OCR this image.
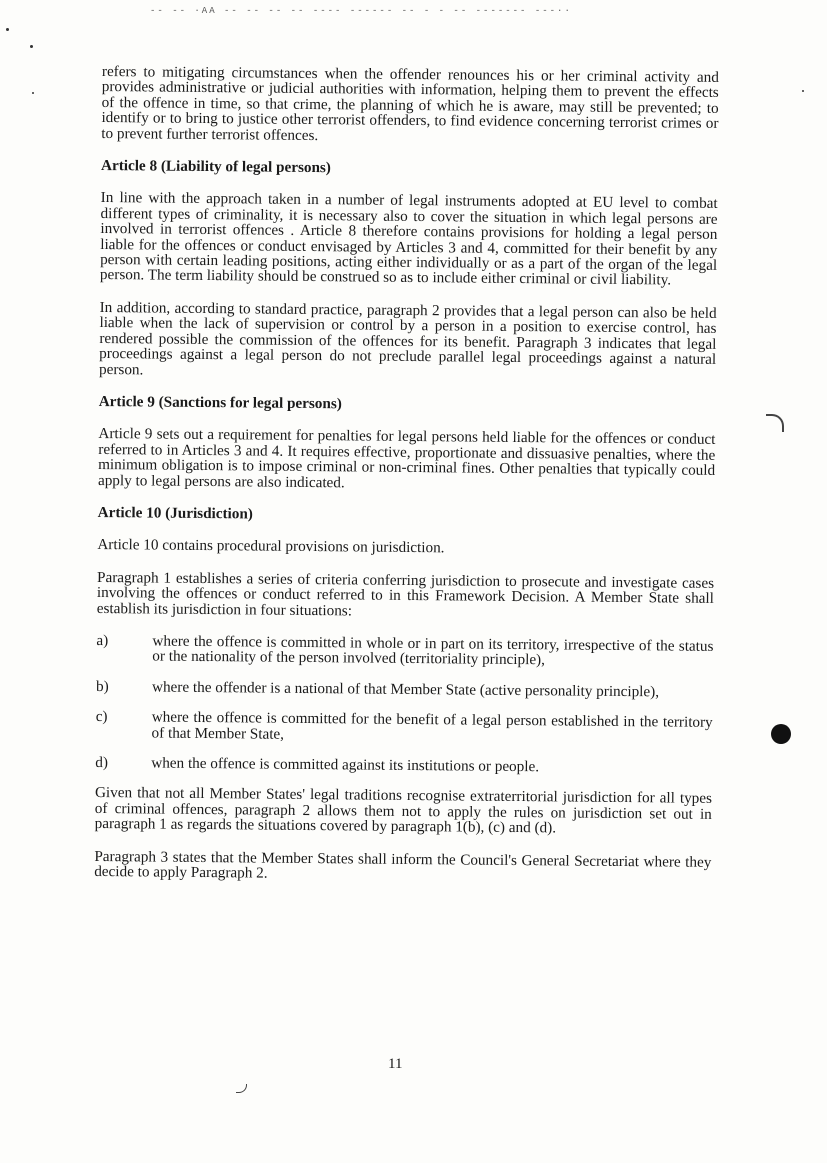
-- -- ·AA -- -- -- -- ---- ------ -- - - -- ------- ---··

refers to mitigating circumstances when the offender renounces his or her criminal activity and provides administrative or judicial authorities with information, helping them to prevent the effects of the offence in time, so that crime, the planning of which he is aware, may still be prevented; to identify or to bring to justice other terrorist offenders, to find evidence concerning terrorist crimes or to prevent further terrorist offences.

Article 8 (Liability of legal persons)

In line with the approach taken in a number of legal instruments adopted at EU level to combat different types of criminality, it is necessary also to cover the situation in which legal persons are involved in terrorist offences . Article 8 therefore contains provisions for holding a legal person liable for the offences or conduct envisaged by Articles 3 and 4, committed for their benefit by any person with certain leading positions, acting either individually or as a part of the organ of the legal person. The term liability should be construed so as to include either criminal or civil liability.

In addition, according to standard practice, paragraph 2 provides that a legal person can also be held liable when the lack of supervision or control by a person in a position to exercise control, has rendered possible the commission of the offences for its benefit. Paragraph 3 indicates that legal proceedings against a legal person do not preclude parallel legal proceedings against a natural person.

Article 9 (Sanctions for legal persons)

Article 9 sets out a requirement for penalties for legal persons held liable for the offences or conduct referred to in Articles 3 and 4. It requires effective, proportionate and dissuasive penalties, where the minimum obligation is to impose criminal or non-criminal fines. Other penalties that typically could apply to legal persons are also indicated.

Article 10 (Jurisdiction)

Article 10 contains procedural provisions on jurisdiction.

Paragraph 1 establishes a series of criteria conferring jurisdiction to prosecute and investigate cases involving the offences or conduct referred to in this Framework Decision. A Member State shall establish its jurisdiction in four situations:

a)	where the offence is committed in whole or in part on its territory, irrespective of the status or the nationality of the person involved (territoriality principle),
b)	where the offender is a national of that Member State (active personality principle),
c)	where the offence is committed for the benefit of a legal person established in the territory of that Member State,
d)	when the offence is committed against its institutions or people.

Given that not all Member States' legal traditions recognise extraterritorial jurisdiction for all types of criminal offences, paragraph 2 allows them not to apply the rules on jurisdiction set out in paragraph 1 as regards the situations covered by paragraph 1(b), (c) and (d).

Paragraph 3 states that the Member States shall inform the Council's General Secretariat where they decide to apply Paragraph 2.

11
